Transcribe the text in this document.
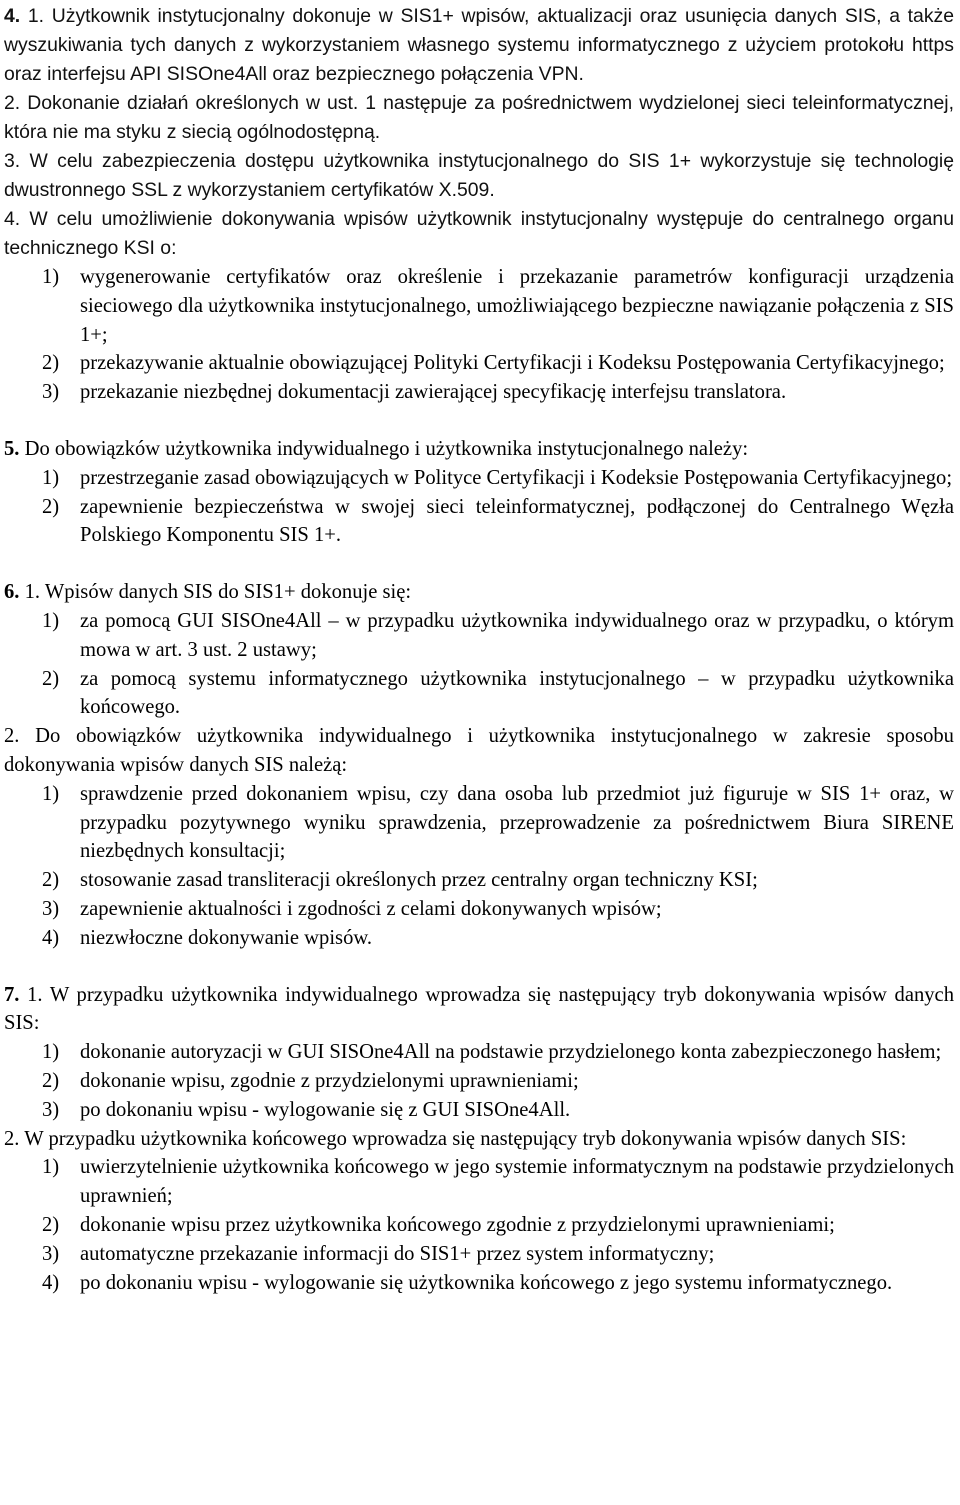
4. 1. Użytkownik instytucjonalny dokonuje w SIS1+ wpisów, aktualizacji oraz usunięcia danych SIS, a także wyszukiwania tych danych z wykorzystaniem własnego systemu informatycznego z użyciem protokołu https oraz interfejsu API SISOne4All oraz bezpiecznego połączenia VPN.

2. Dokonanie działań określonych w ust. 1 następuje za pośrednictwem wydzielonej sieci teleinformatycznej, która nie ma styku z siecią ogólnodostępną.

3. W celu zabezpieczenia dostępu użytkownika instytucjonalnego do SIS 1+ wykorzystuje się technologię dwustronnego SSL z wykorzystaniem certyfikatów X.509.

4. W celu umożliwienie dokonywania wpisów użytkownik instytucjonalny występuje do centralnego organu technicznego KSI o:

1) wygenerowanie certyfikatów oraz określenie i przekazanie parametrów konfiguracji urządzenia sieciowego dla użytkownika instytucjonalnego, umożliwiającego bezpieczne nawiązanie połączenia z SIS 1+;
2) przekazywanie aktualnie obowiązującej Polityki Certyfikacji i Kodeksu Postępowania Certyfikacyjnego;
3) przekazanie niezbędnej dokumentacji zawierającej specyfikację interfejsu translatora.

5. Do obowiązków użytkownika indywidualnego i użytkownika instytucjonalnego należy:

1) przestrzeganie zasad obowiązujących w Polityce Certyfikacji i Kodeksie Postępowania Certyfikacyjnego;
2) zapewnienie bezpieczeństwa w swojej sieci teleinformatycznej, podłączonej do Centralnego Węzła Polskiego Komponentu SIS 1+.

6. 1. Wpisów danych SIS do SIS1+ dokonuje się:

1) za pomocą GUI SISOne4All – w przypadku użytkownika indywidualnego oraz w przypadku, o którym mowa w art. 3 ust. 2 ustawy;
2) za pomocą systemu informatycznego użytkownika instytucjonalnego – w przypadku użytkownika końcowego.

2. Do obowiązków użytkownika indywidualnego i użytkownika instytucjonalnego w zakresie sposobu dokonywania wpisów danych SIS należą:

1) sprawdzenie przed dokonaniem wpisu, czy dana osoba lub przedmiot już figuruje w SIS 1+ oraz, w przypadku pozytywnego wyniku sprawdzenia, przeprowadzenie za pośrednictwem Biura SIRENE niezbędnych konsultacji;
2) stosowanie zasad transliteracji określonych przez centralny organ techniczny KSI;
3) zapewnienie aktualności i zgodności z celami dokonywanych wpisów;
4) niezwłoczne dokonywanie wpisów.

7. 1. W przypadku użytkownika indywidualnego wprowadza się następujący tryb dokonywania wpisów danych SIS:

1) dokonanie autoryzacji w GUI SISOne4All na podstawie przydzielonego konta zabezpieczonego hasłem;
2) dokonanie wpisu, zgodnie z przydzielonymi uprawnieniami;
3) po dokonaniu wpisu - wylogowanie się z GUI SISOne4All.

2. W przypadku użytkownika końcowego wprowadza się następujący tryb dokonywania wpisów danych SIS:

1) uwierzytelnienie użytkownika końcowego w jego systemie informatycznym na podstawie przydzielonych uprawnień;
2) dokonanie wpisu przez użytkownika końcowego zgodnie z przydzielonymi uprawnieniami;
3) automatyczne przekazanie informacji do SIS1+ przez system informatyczny;
4) po dokonaniu wpisu - wylogowanie się użytkownika końcowego z jego systemu informatycznego.
